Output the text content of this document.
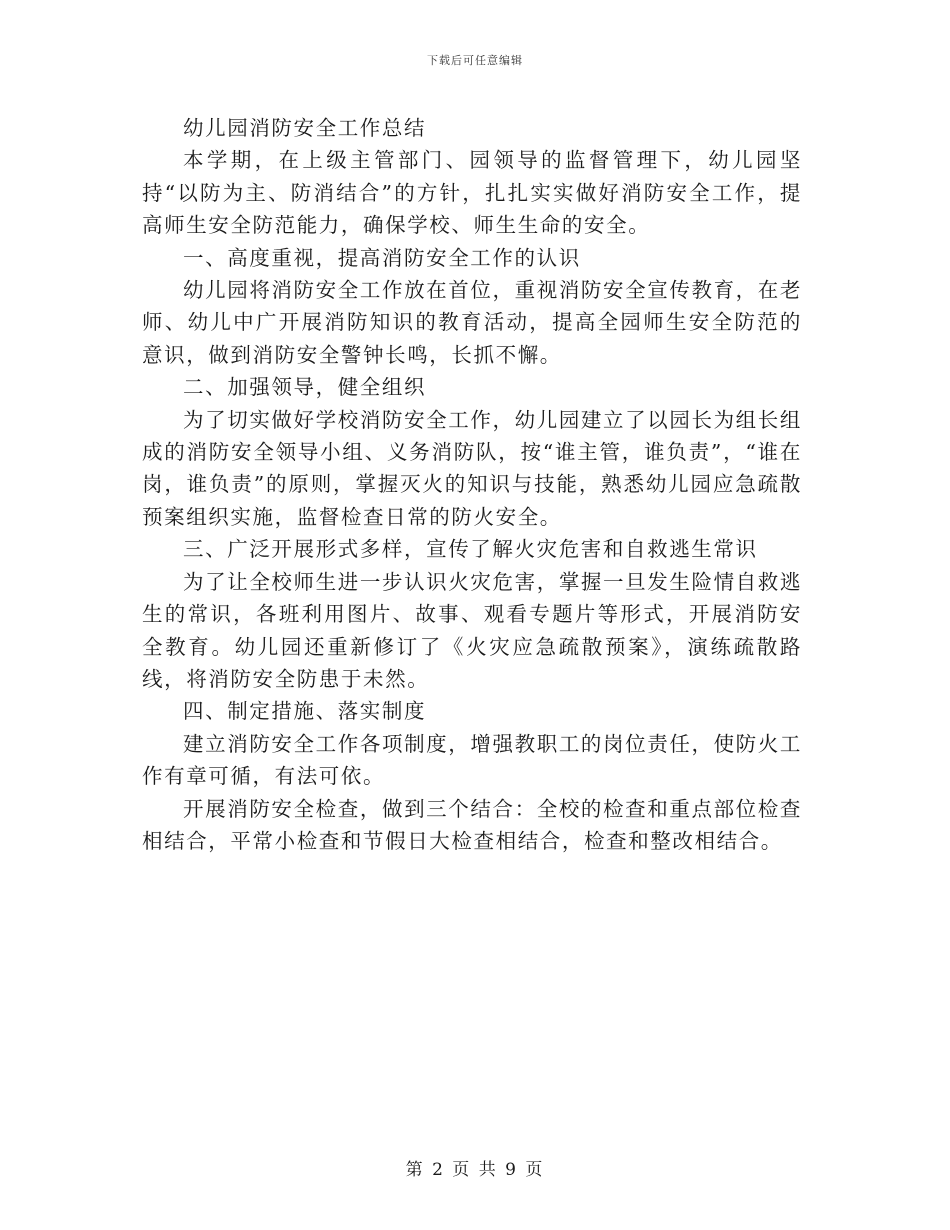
下载后可任意编辑

幼儿园消防安全工作总结

本学期，在上级主管部门、园领导的监督管理下，幼儿园坚持“以防为主、防消结合”的方针，扎扎实实做好消防安全工作，提高师生安全防范能力，确保学校、师生生命的安全。

一、高度重视，提高消防安全工作的认识

幼儿园将消防安全工作放在首位，重视消防安全宣传教育，在老师、幼儿中广开展消防知识的教育活动，提高全园师生安全防范的意识，做到消防安全警钟长鸣，长抓不懈。

二、加强领导，健全组织

为了切实做好学校消防安全工作，幼儿园建立了以园长为组长组成的消防安全领导小组、义务消防队，按“谁主管，谁负责”，“谁在岗，谁负责”的原则，掌握灭火的知识与技能，熟悉幼儿园应急疏散预案组织实施，监督检查日常的防火安全。

三、广泛开展形式多样，宣传了解火灾危害和自救逃生常识

为了让全校师生进一步认识火灾危害，掌握一旦发生险情自救逃生的常识，各班利用图片、故事、观看专题片等形式，开展消防安全教育。幼儿园还重新修订了《火灾应急疏散预案》，演练疏散路线，将消防安全防患于未然。

四、制定措施、落实制度

建立消防安全工作各项制度，增强教职工的岗位责任，使防火工作有章可循，有法可依。

开展消防安全检查，做到三个结合：全校的检查和重点部位检查相结合，平常小检查和节假日大检查相结合，检查和整改相结合。

第 2 页 共 9 页
